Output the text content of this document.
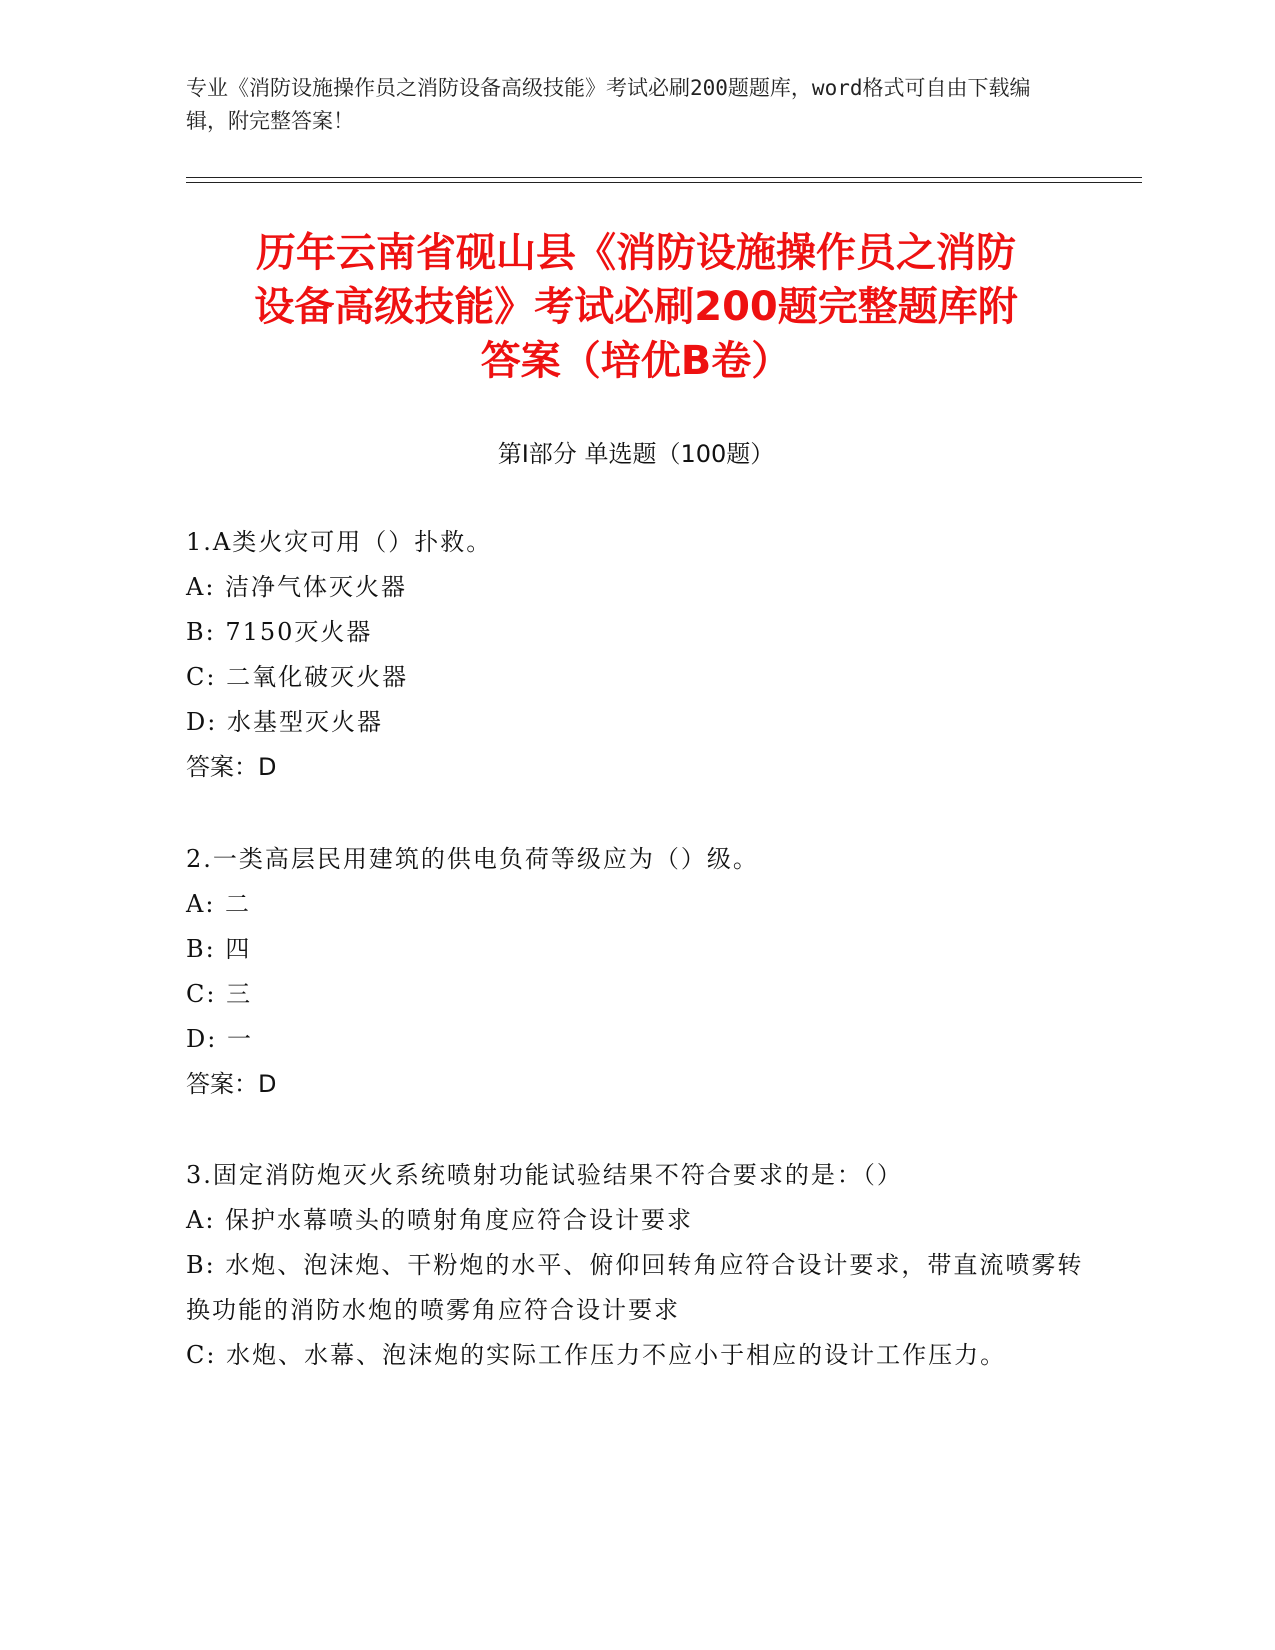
专业《消防设施操作员之消防设备高级技能》考试必刷200题题库，word格式可自由下载编辑，附完整答案！
历年云南省砚山县《消防设施操作员之消防
设备高级技能》考试必刷200题完整题库附
答案（培优B卷）
第I部分 单选题（100题）
1.A类火灾可用（）扑救。
A: 洁净气体灭火器
B: 7150灭火器
C: 二氧化破灭火器
D: 水基型灭火器
答案：D
2.一类高层民用建筑的供电负荷等级应为（）级。
A: 二
B: 四
C: 三
D: 一
答案：D
3.固定消防炮灭火系统喷射功能试验结果不符合要求的是：（）
A: 保护水幕喷头的喷射角度应符合设计要求
B: 水炮、泡沫炮、干粉炮的水平、俯仰回转角应符合设计要求，带直流喷雾转换功能的消防水炮的喷雾角应符合设计要求
C: 水炮、水幕、泡沫炮的实际工作压力不应小于相应的设计工作压力。
